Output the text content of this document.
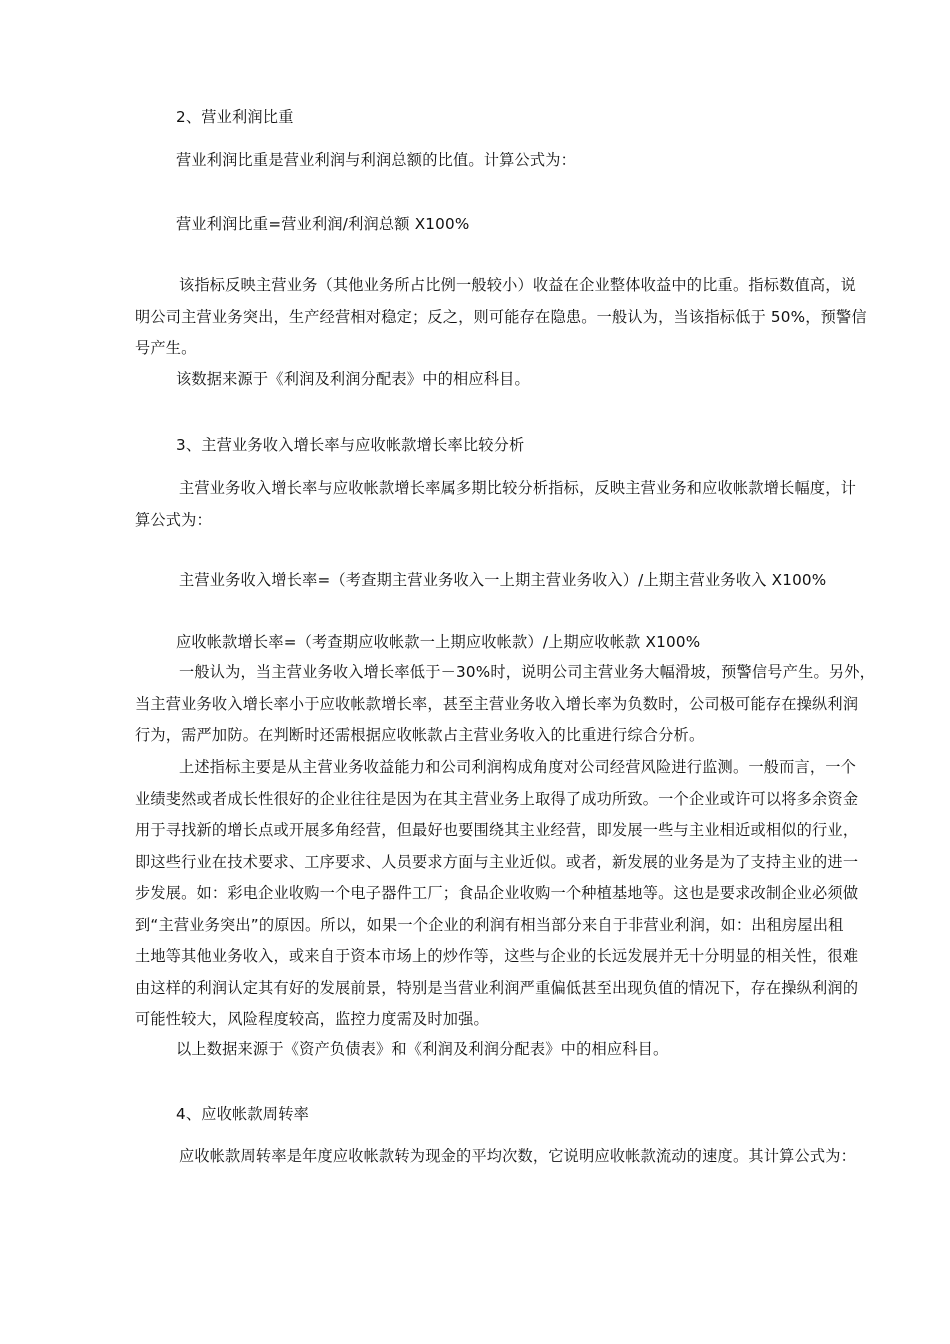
2、营业利润比重
营业利润比重是营业利润与利润总额的比值。计算公式为：
营业利润比重=营业利润/利润总额 X100%
该指标反映主营业务（其他业务所占比例一般较小）收益在企业整体收益中的比重。指标数值高，说
明公司主营业务突出，生产经营相对稳定；反之，则可能存在隐患。一般认为，当该指标低于 50%，预警信
号产生。
该数据来源于《利润及利润分配表》中的相应科目。
3、主营业务收入增长率与应收帐款增长率比较分析
主营业务收入增长率与应收帐款增长率属多期比较分析指标，反映主营业务和应收帐款增长幅度，计
算公式为：
主营业务收入增长率=（考查期主营业务收入一上期主营业务收入）/上期主营业务收入 X100%
应收帐款增长率=（考查期应收帐款一上期应收帐款）/上期应收帐款 X100%
一般认为，当主营业务收入增长率低于－30%时，说明公司主营业务大幅滑坡，预警信号产生。另外，
当主营业务收入增长率小于应收帐款增长率，甚至主营业务收入增长率为负数时，公司极可能存在操纵利润
行为，需严加防。在判断时还需根据应收帐款占主营业务收入的比重进行综合分析。
上述指标主要是从主营业务收益能力和公司利润构成角度对公司经营风险进行监测。一般而言，一个
业绩斐然或者成长性很好的企业往往是因为在其主营业务上取得了成功所致。一个企业或许可以将多余资金
用于寻找新的增长点或开展多角经营，但最好也要围绕其主业经营，即发展一些与主业相近或相似的行业，
即这些行业在技术要求、工序要求、人员要求方面与主业近似。或者，新发展的业务是为了支持主业的进一
步发展。如：彩电企业收购一个电子器件工厂；食品企业收购一个种植基地等。这也是要求改制企业必须做
到“主营业务突出”的原因。所以，如果一个企业的利润有相当部分来自于非营业利润，如：出租房屋出租
土地等其他业务收入，或来自于资本市场上的炒作等，这些与企业的长远发展并无十分明显的相关性，很难
由这样的利润认定其有好的发展前景，特别是当营业利润严重偏低甚至出现负值的情况下，存在操纵利润的
可能性较大，风险程度较高，监控力度需及时加强。
以上数据来源于《资产负债表》和《利润及利润分配表》中的相应科目。
4、应收帐款周转率
应收帐款周转率是年度应收帐款转为现金的平均次数，它说明应收帐款流动的速度。其计算公式为：
